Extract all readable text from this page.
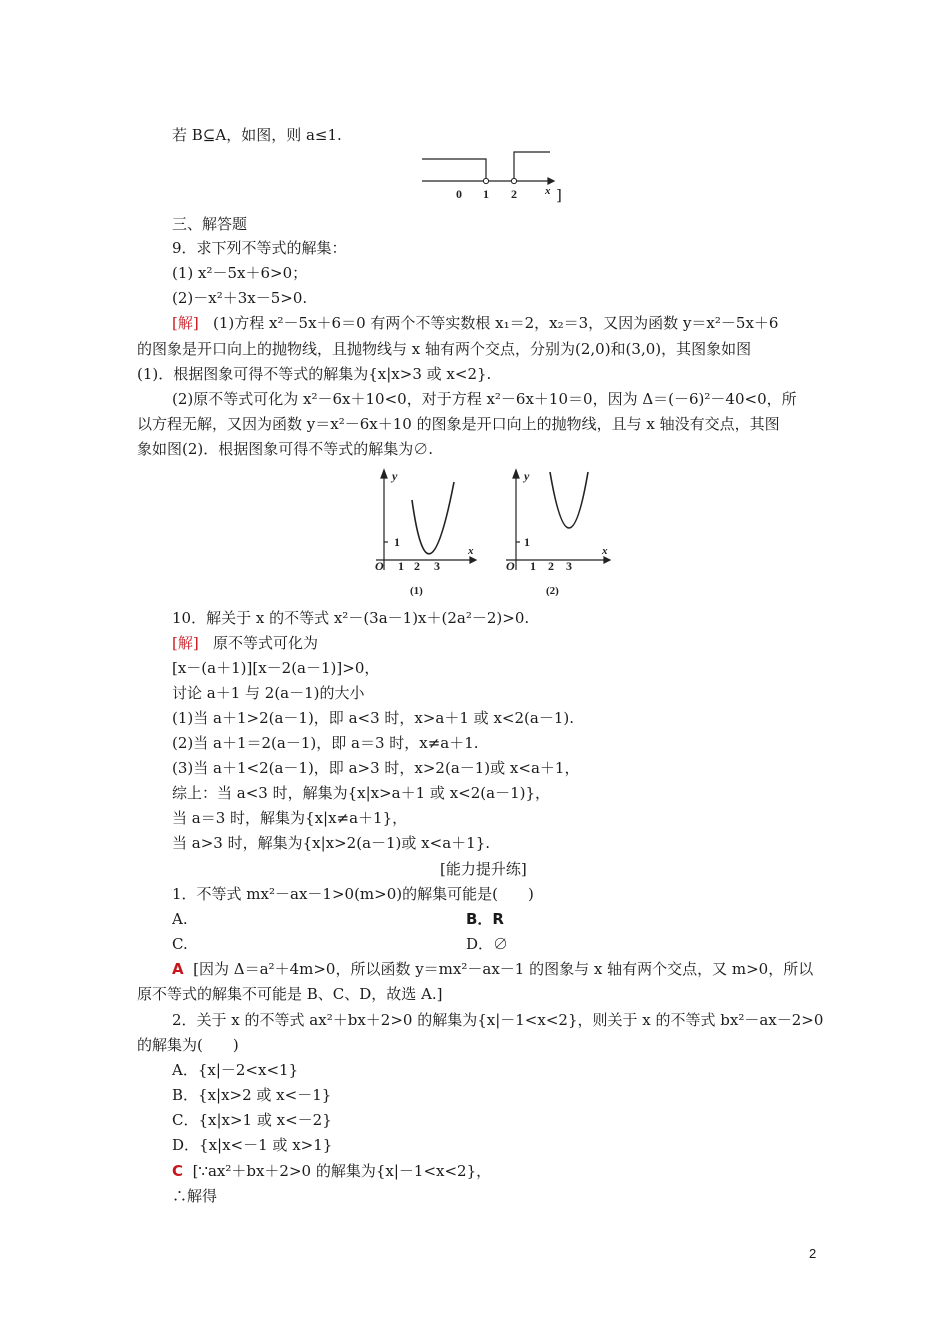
若 B⊆A，如图，则 a≤1.
0 1 2	x ]
三、解答题
9．求下列不等式的解集：
(1) x²－5x＋6>0；
(2)－x²＋3x－5>0.
[解] (1)方程 x²－5x＋6＝0 有两个不等实数根 x₁＝2，x₂＝3，又因为函数 y＝x²－5x＋6
的图象是开口向上的抛物线，且抛物线与 x 轴有两个交点，分别为(2,0)和(3,0)，其图象如图
(1)．根据图象可得不等式的解集为{x|x>3 或 x<2}.
(2)原不等式可化为 x²－6x＋10<0，对于方程 x²－6x＋10＝0，因为 Δ＝(－6)²－40<0，所
以方程无解，又因为函数 y＝x²－6x＋10 的图象是开口向上的抛物线，且与 x 轴没有交点，其图
象如图(2)．根据图象可得不等式的解集为∅.
y
x
O
1
1 2 3
(1)
y
x
O
1
1 2 3
(2)
10．解关于 x 的不等式 x²－(3a－1)x＋(2a²－2)>0.
[解] 原不等式可化为
[x－(a＋1)][x－2(a－1)]>0，
讨论 a＋1 与 2(a－1)的大小
(1)当 a＋1>2(a－1)，即 a<3 时，x>a＋1 或 x<2(a－1).
(2)当 a＋1＝2(a－1)，即 a＝3 时，x≠a＋1.
(3)当 a＋1<2(a－1)，即 a>3 时，x>2(a－1)或 x<a＋1，
综上：当 a<3 时，解集为{x|x>a＋1 或 x<2(a－1)}，
当 a＝3 时，解集为{x|x≠a＋1}，
当 a>3 时，解集为{x|x>2(a－1)或 x<a＋1}.
[能力提升练]
1．不等式 mx²－ax－1>0(m>0)的解集可能是(　　)
A.	B．R
C.	D．∅
A [因为 Δ＝a²＋4m>0，所以函数 y＝mx²－ax－1 的图象与 x 轴有两个交点，又 m>0，所以
原不等式的解集不可能是 B、C、D，故选 A.]
2．关于 x 的不等式 ax²＋bx＋2>0 的解集为{x|－1<x<2}，则关于 x 的不等式 bx²－ax－2>0
的解集为(　　)
A．{x|－2<x<1}
B．{x|x>2 或 x<－1}
C．{x|x>1 或 x<－2}
D．{x|x<－1 或 x>1}
C [∵ax²＋bx＋2>0 的解集为{x|－1<x<2}，
∴解得
2
